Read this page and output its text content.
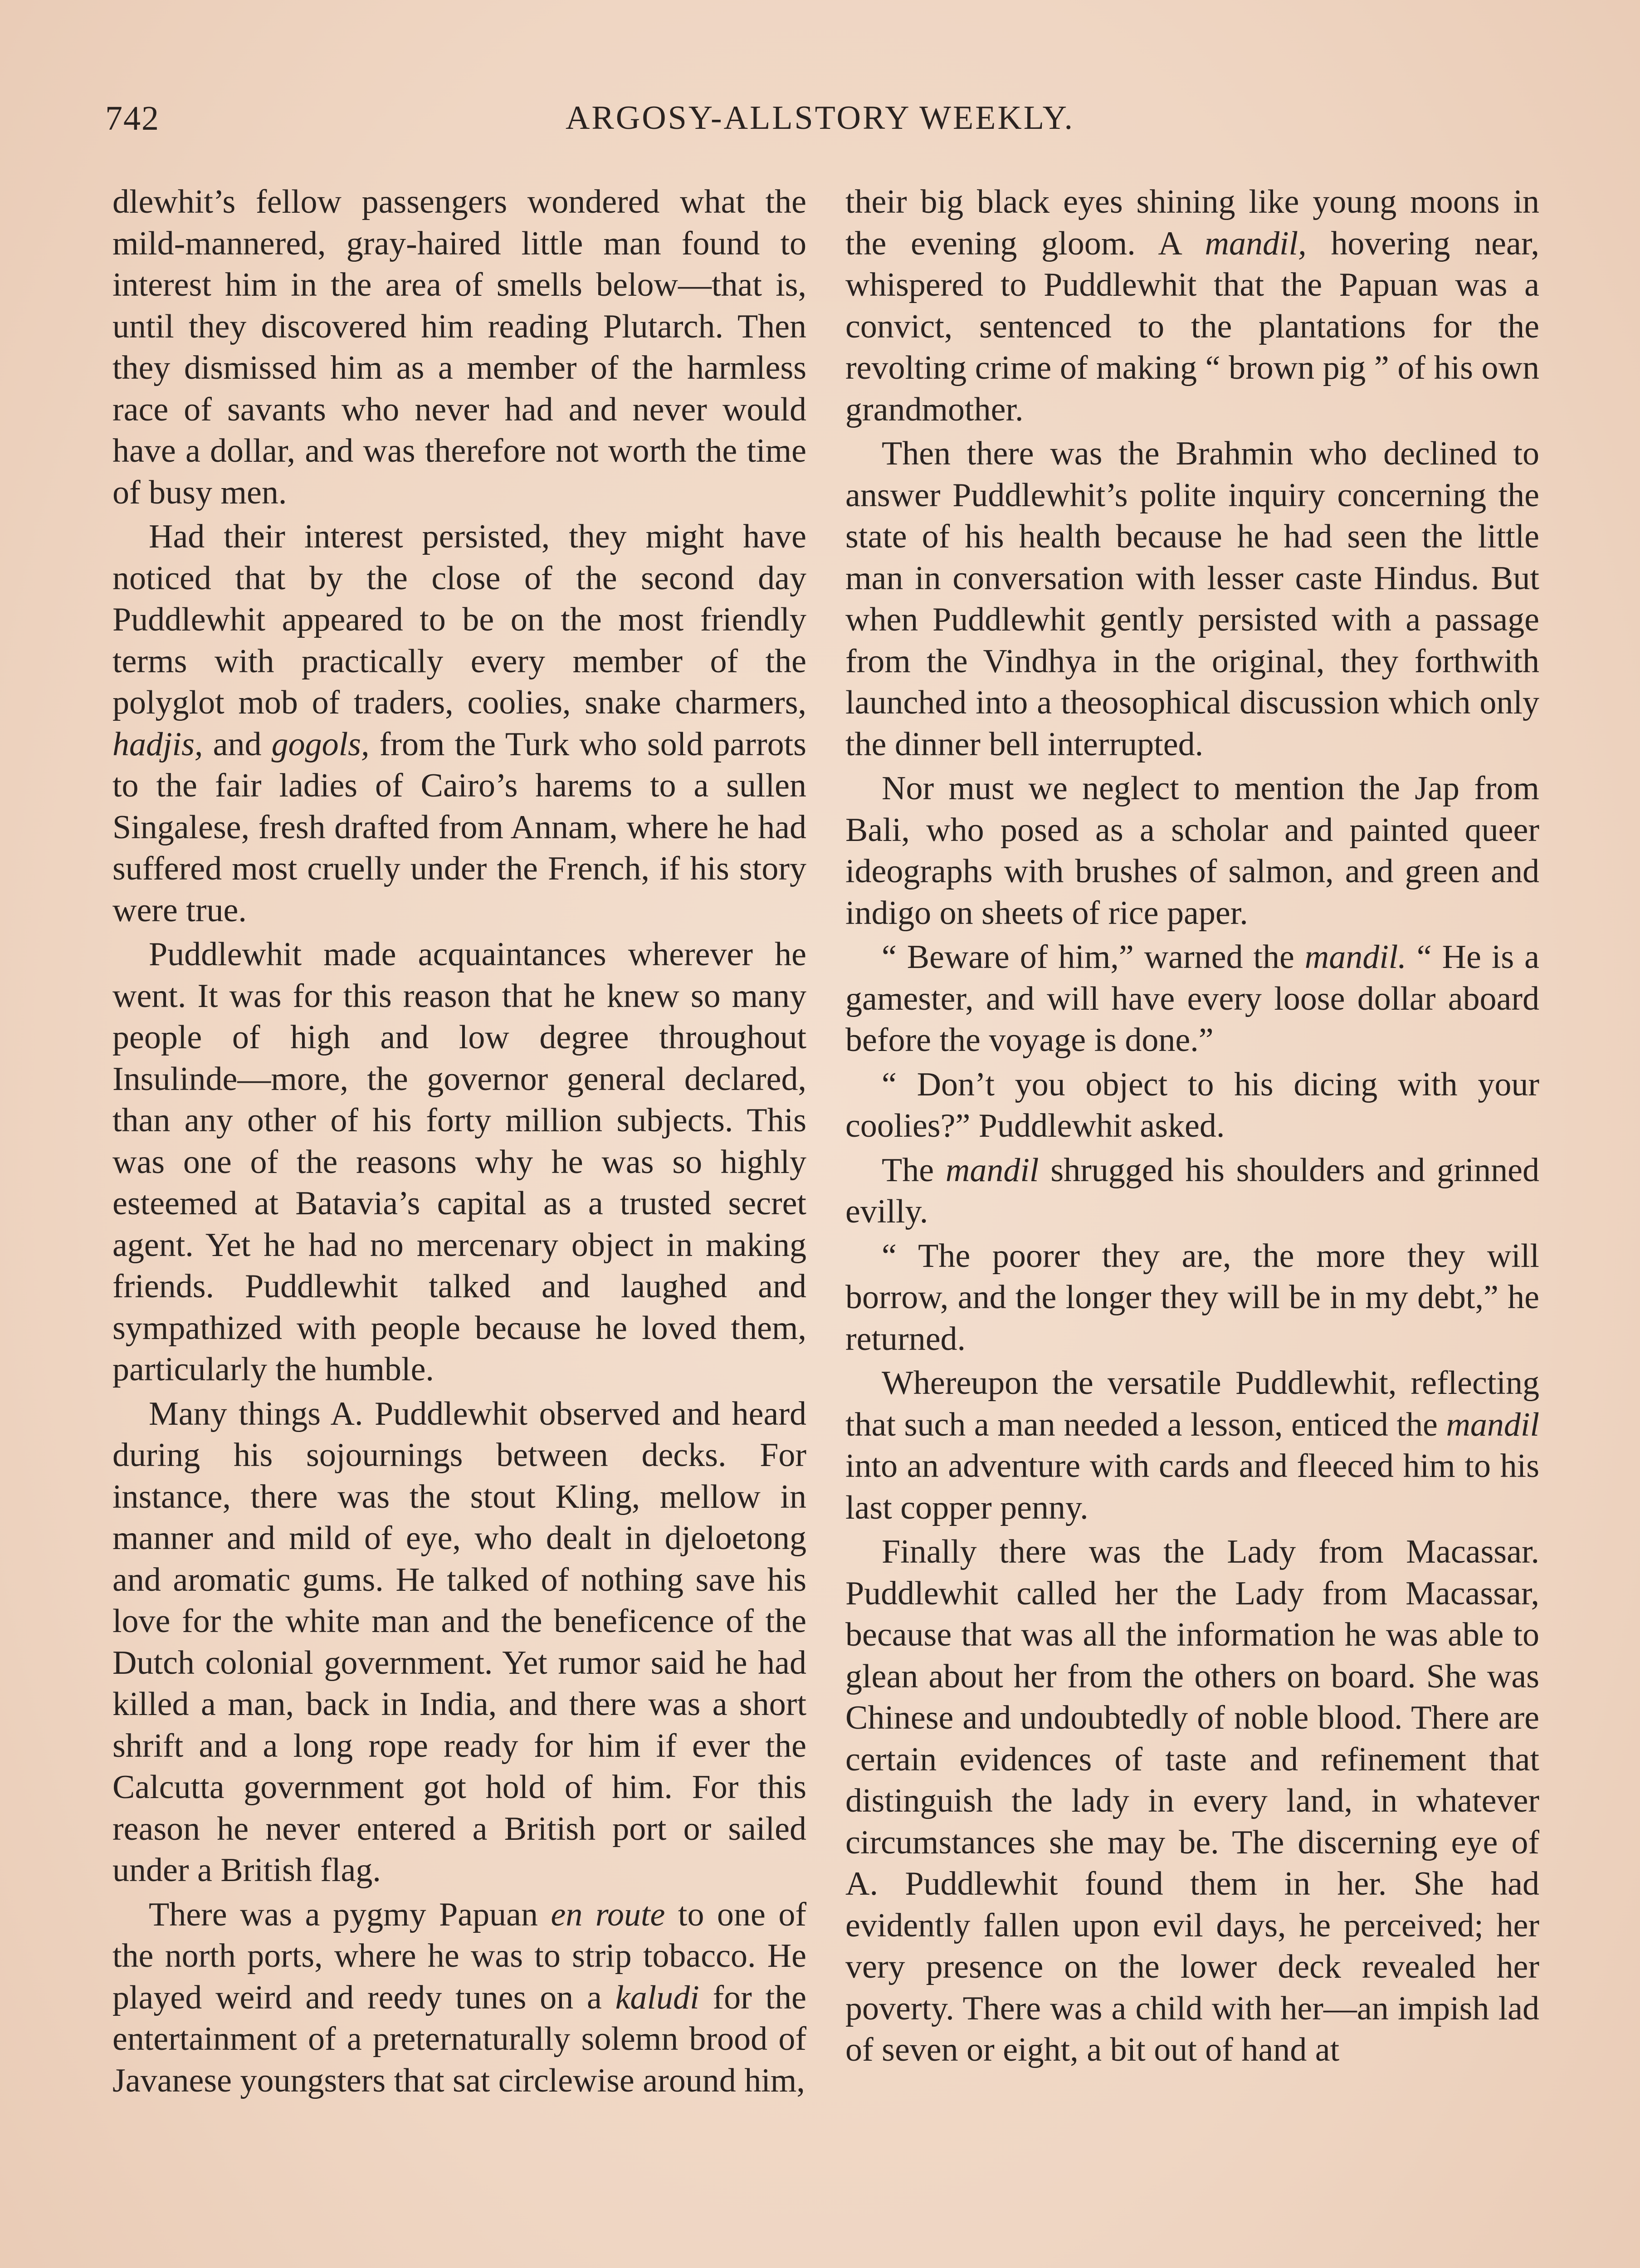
742	ARGOSY-ALLSTORY WEEKLY.

dlewhit’s fellow passengers wondered what the mild-mannered, gray-haired little man found to interest him in the area of smells below—that is, until they discovered him reading Plutarch. Then they dismissed him as a member of the harmless race of savants who never had and never would have a dollar, and was therefore not worth the time of busy men.

Had their interest persisted, they might have noticed that by the close of the second day Puddlewhit appeared to be on the most friendly terms with practically every member of the polyglot mob of traders, coolies, snake charmers, hadjis, and gogols, from the Turk who sold parrots to the fair ladies of Cairo’s harems to a sullen Singalese, fresh drafted from Annam, where he had suffered most cruelly under the French, if his story were true.

Puddlewhit made acquaintances wherever he went. It was for this reason that he knew so many people of high and low degree throughout Insulinde—more, the governor general declared, than any other of his forty million subjects. This was one of the reasons why he was so highly esteemed at Batavia’s capital as a trusted secret agent. Yet he had no mercenary object in making friends. Puddlewhit talked and laughed and sympathized with people because he loved them, particularly the humble.

Many things A. Puddlewhit observed and heard during his sojournings between decks. For instance, there was the stout Kling, mellow in manner and mild of eye, who dealt in djeloetong and aromatic gums. He talked of nothing save his love for the white man and the beneficence of the Dutch colonial government. Yet rumor said he had killed a man, back in India, and there was a short shrift and a long rope ready for him if ever the Calcutta government got hold of him. For this reason he never entered a British port or sailed under a British flag.

There was a pygmy Papuan en route to one of the north ports, where he was to strip tobacco. He played weird and reedy tunes on a kaludi for the entertainment of a preternaturally solemn brood of Javanese youngsters that sat circlewise around him,

their big black eyes shining like young moons in the evening gloom. A mandil, hovering near, whispered to Puddlewhit that the Papuan was a convict, sentenced to the plantations for the revolting crime of making “ brown pig ” of his own grandmother.

Then there was the Brahmin who declined to answer Puddlewhit’s polite inquiry concerning the state of his health because he had seen the little man in conversation with lesser caste Hindus. But when Puddlewhit gently persisted with a passage from the Vindhya in the original, they forthwith launched into a theosophical discussion which only the dinner bell interrupted.

Nor must we neglect to mention the Jap from Bali, who posed as a scholar and painted queer ideographs with brushes of salmon, and green and indigo on sheets of rice paper.

“ Beware of him,” warned the mandil. “ He is a gamester, and will have every loose dollar aboard before the voyage is done.”

“ Don’t you object to his dicing with your coolies?” Puddlewhit asked.

The mandil shrugged his shoulders and grinned evilly.

“ The poorer they are, the more they will borrow, and the longer they will be in my debt,” he returned.

Whereupon the versatile Puddlewhit, reflecting that such a man needed a lesson, enticed the mandil into an adventure with cards and fleeced him to his last copper penny.

Finally there was the Lady from Macassar. Puddlewhit called her the Lady from Macassar, because that was all the information he was able to glean about her from the others on board. She was Chinese and undoubtedly of noble blood. There are certain evidences of taste and refinement that distinguish the lady in every land, in whatever circumstances she may be. The discerning eye of A. Puddlewhit found them in her. She had evidently fallen upon evil days, he perceived; her very presence on the lower deck revealed her poverty. There was a child with her—an impish lad of seven or eight, a bit out of hand at
